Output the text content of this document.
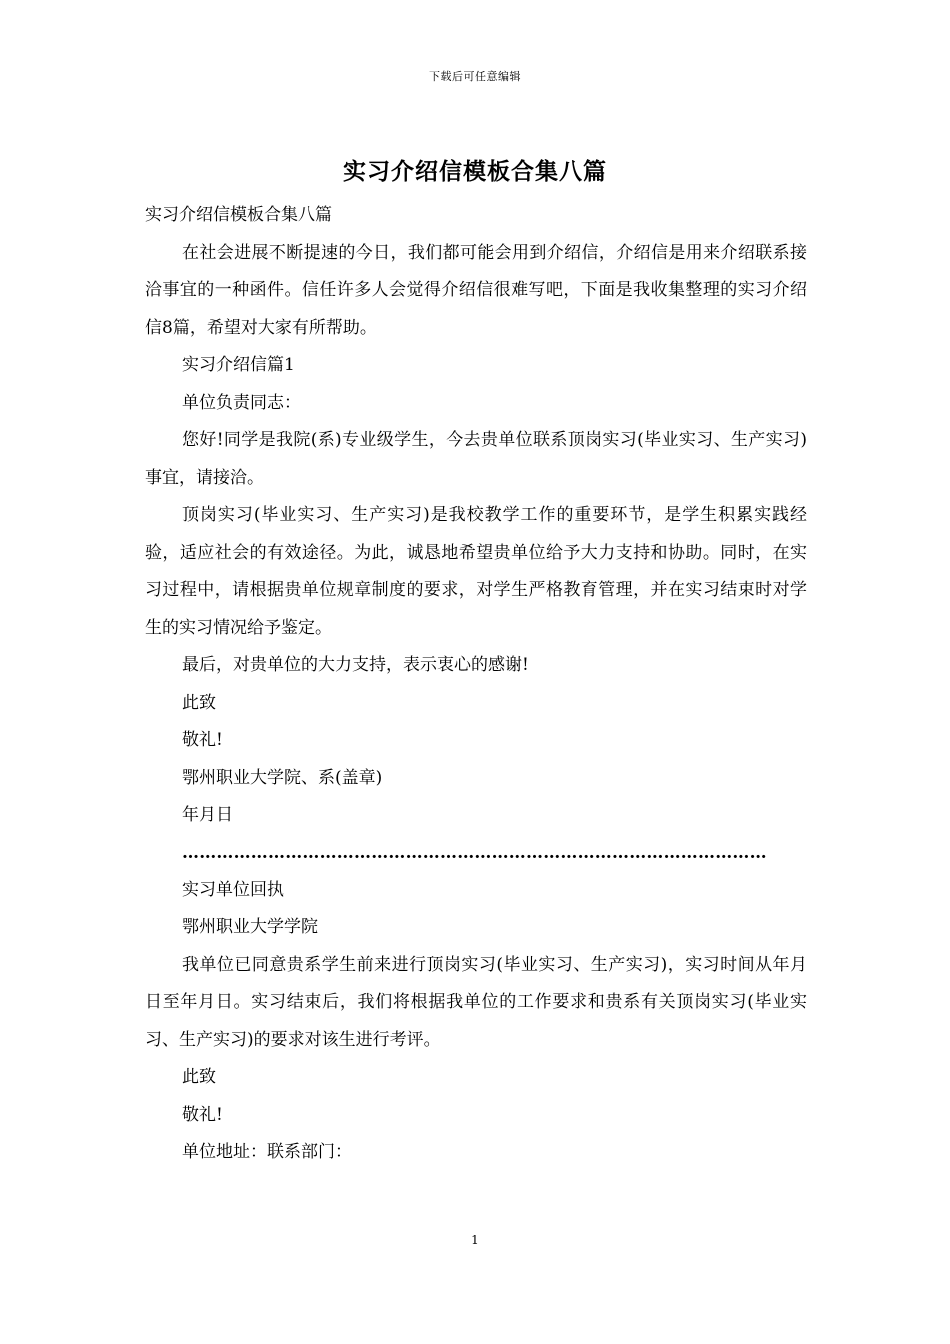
下载后可任意编辑
实习介绍信模板合集八篇

实习介绍信模板合集八篇

在社会进展不断提速的今日，我们都可能会用到介绍信，介绍信是用来介绍联系接洽事宜的一种函件。信任许多人会觉得介绍信很难写吧，下面是我收集整理的实习介绍信8篇，希望对大家有所帮助。

实习介绍信篇1

单位负责同志：

您好!同学是我院(系)专业级学生，今去贵单位联系顶岗实习(毕业实习、生产实习)事宜，请接洽。

顶岗实习(毕业实习、生产实习)是我校教学工作的重要环节，是学生积累实践经验，适应社会的有效途径。为此，诚恳地希望贵单位给予大力支持和协助。同时，在实习过程中，请根据贵单位规章制度的要求，对学生严格教育管理，并在实习结束时对学生的实习情况给予鉴定。

最后，对贵单位的大力支持，表示衷心的感谢!

此致

敬礼!

鄂州职业大学院、系(盖章)

年月日

…………………………………………………………………………………………

实习单位回执

鄂州职业大学学院

我单位已同意贵系学生前来进行顶岗实习(毕业实习、生产实习)，实习时间从年月日至年月日。实习结束后，我们将根据我单位的工作要求和贵系有关顶岗实习(毕业实习、生产实习)的要求对该生进行考评。

此致

敬礼!

单位地址：联系部门：

1
